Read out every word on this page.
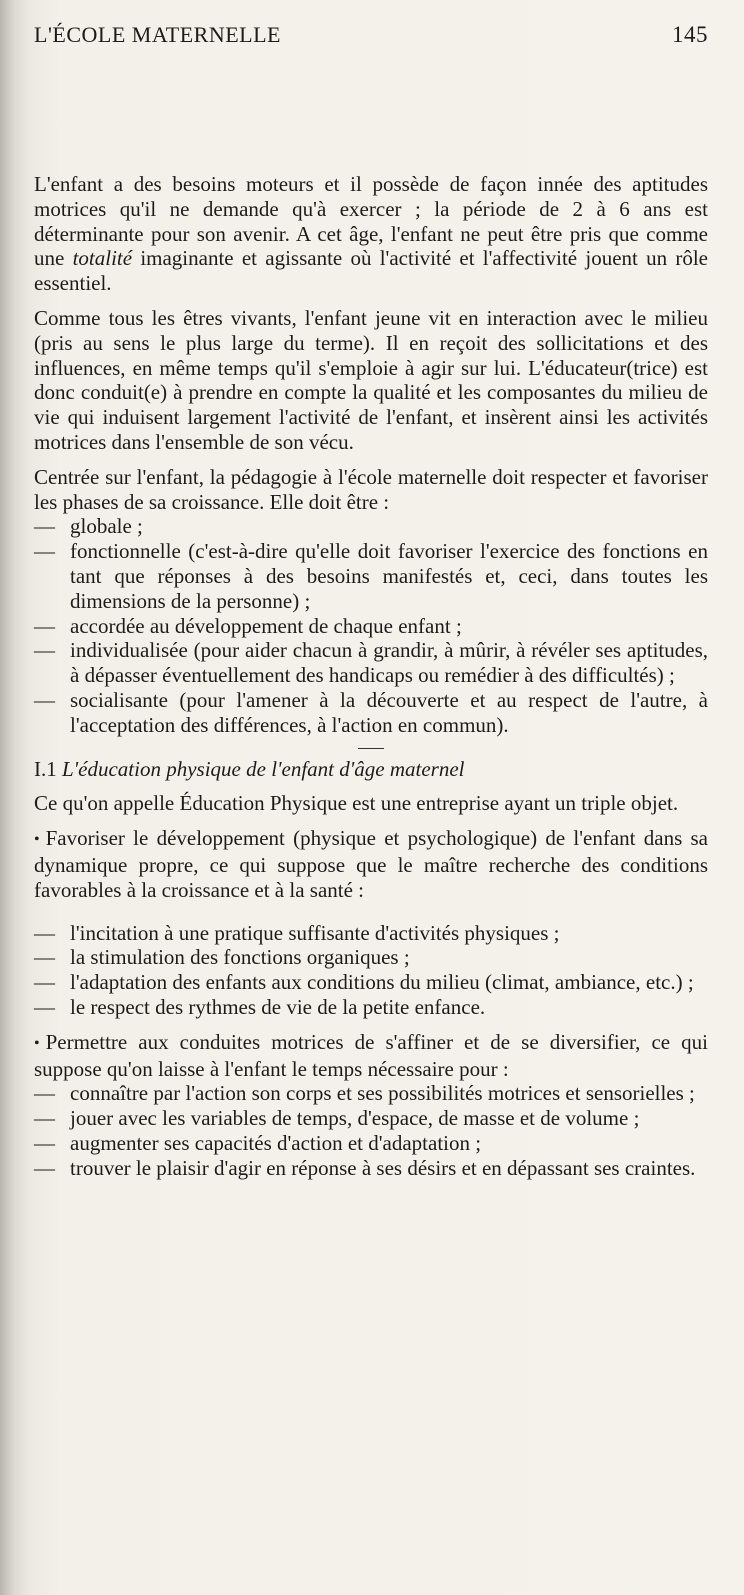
L'ÉCOLE MATERNELLE	145

L'enfant a des besoins moteurs et il possède de façon innée des aptitudes motrices qu'il ne demande qu'à exercer ; la période de 2 à 6 ans est déterminante pour son avenir. A cet âge, l'enfant ne peut être pris que comme une totalité imaginante et agissante où l'activité et l'affectivité jouent un rôle essentiel.

Comme tous les êtres vivants, l'enfant jeune vit en interaction avec le milieu (pris au sens le plus large du terme). Il en reçoit des sollicitations et des influences, en même temps qu'il s'emploie à agir sur lui. L'éducateur(trice) est donc conduit(e) à prendre en compte la qualité et les composantes du milieu de vie qui induisent largement l'activité de l'enfant, et insèrent ainsi les activités motrices dans l'ensemble de son vécu.

Centrée sur l'enfant, la pédagogie à l'école maternelle doit respecter et favoriser les phases de sa croissance. Elle doit être :

— globale ;
— fonctionnelle (c'est-à-dire qu'elle doit favoriser l'exercice des fonctions en tant que réponses à des besoins manifestés et, ceci, dans toutes les dimensions de la personne) ;
— accordée au développement de chaque enfant ;
— individualisée (pour aider chacun à grandir, à mûrir, à révéler ses aptitudes, à dépasser éventuellement des handicaps ou remédier à des difficultés) ;
— socialisante (pour l'amener à la découverte et au respect de l'autre, à l'acceptation des différences, à l'action en commun).

I.1 L'éducation physique de l'enfant d'âge maternel

Ce qu'on appelle Éducation Physique est une entreprise ayant un triple objet.

• Favoriser le développement (physique et psychologique) de l'enfant dans sa dynamique propre, ce qui suppose que le maître recherche des conditions favorables à la croissance et à la santé :

— l'incitation à une pratique suffisante d'activités physiques ;
— la stimulation des fonctions organiques ;
— l'adaptation des enfants aux conditions du milieu (climat, ambiance, etc.) ;
— le respect des rythmes de vie de la petite enfance.

• Permettre aux conduites motrices de s'affiner et de se diversifier, ce qui suppose qu'on laisse à l'enfant le temps nécessaire pour :

— connaître par l'action son corps et ses possibilités motrices et sensorielles ;
— jouer avec les variables de temps, d'espace, de masse et de volume ;
— augmenter ses capacités d'action et d'adaptation ;
— trouver le plaisir d'agir en réponse à ses désirs et en dépassant ses craintes.
